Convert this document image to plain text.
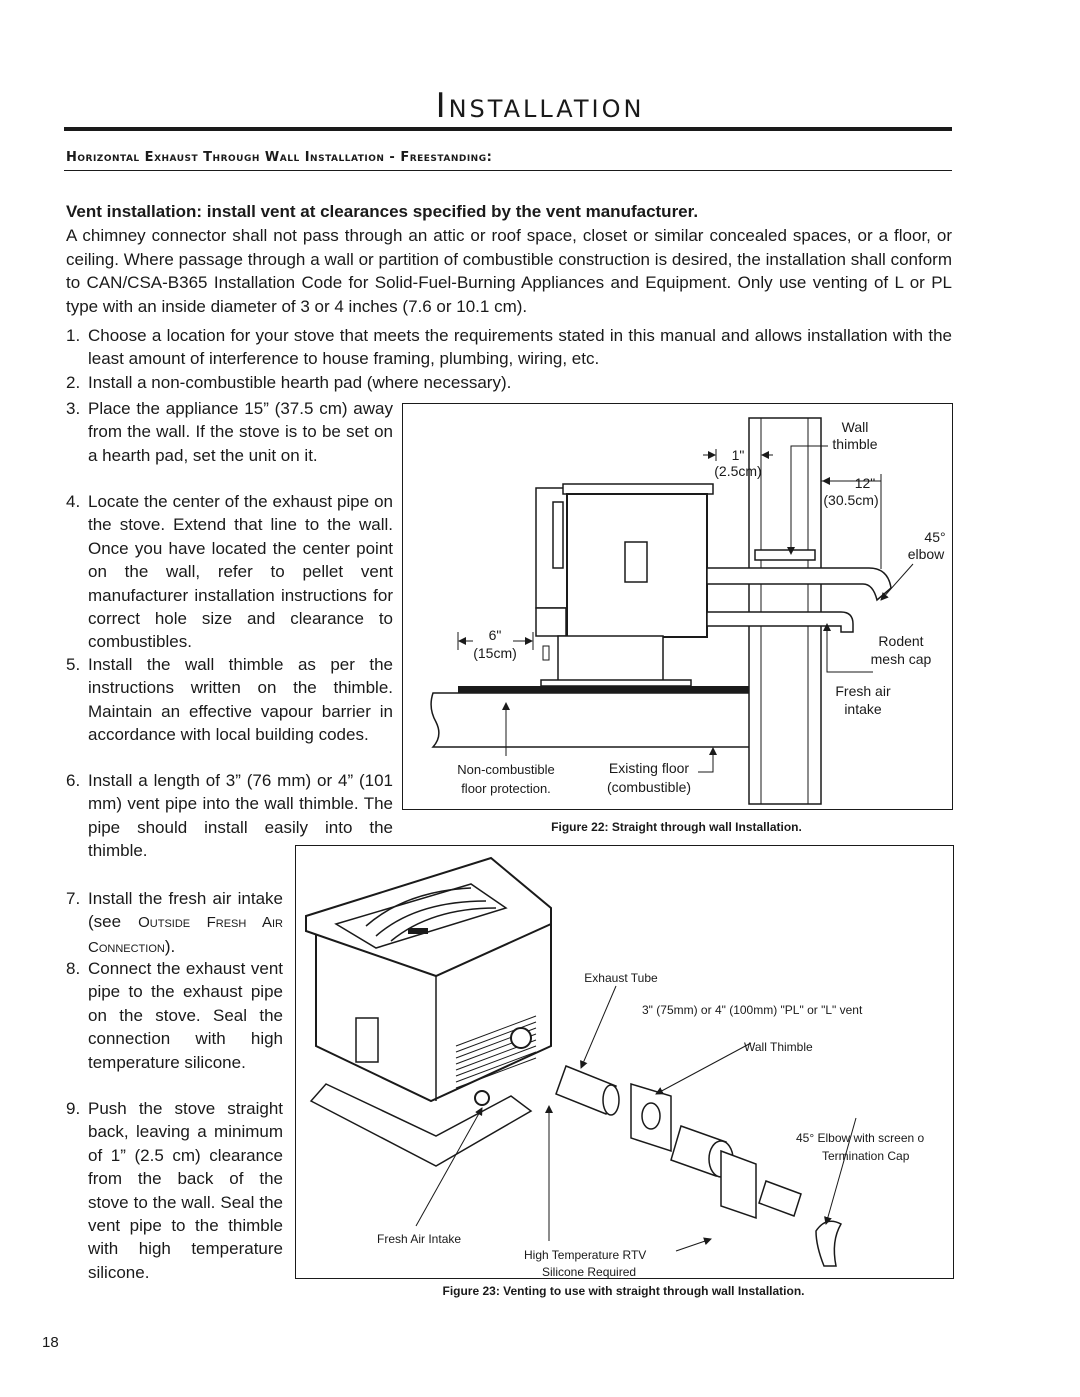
Installation
Horizontal Exhaust Through Wall Installation - Freestanding:
Vent installation: install vent at clearances specified by the vent manufacturer.
A chimney connector shall not pass through an attic or roof space, closet or similar concealed spaces, or a floor, or ceiling. Where passage through a wall or partition of combustible construction is desired, the installation shall conform to CAN/CSA-B365 Installation Code for Solid-Fuel-Burning Appliances and Equipment. Only use venting of L or PL type with an inside diameter of 3 or 4 inches (7.6 or 10.1 cm).
1. Choose a location for your stove that meets the requirements stated in this manual and allows installation with the least amount of interference to house framing, plumbing, wiring, etc.
2. Install a non-combustible hearth pad (where necessary).
3. Place the appliance 15” (37.5 cm) away from the wall. If the stove is to be set on a hearth pad, set the unit on it.
4. Locate the center of the exhaust pipe on the stove. Extend that line to the wall. Once you have located the center point on the wall, refer to pellet vent manufacturer installation instructions for correct hole size and clearance to combustibles.
5. Install the wall thimble as per the instructions written on the thimble. Maintain an effective vapour barrier in accordance with local building codes.
6. Install a length of 3” (76 mm) or 4” (101 mm) vent pipe into the wall thimble. The pipe should install easily into the thimble.
7. Install the fresh air intake (see Outside Fresh Air Connection).
8. Connect the exhaust vent pipe to the exhaust pipe on the stove. Seal the connection with high temperature silicone.
9. Push the stove straight back, leaving a minimum of 1” (2.5 cm) clearance from the back of the stove to the wall. Seal the vent pipe to the thimble with high temperature silicone.
Wall
thimble
1"
(2.5cm)
12"
(30.5cm)
45°
elbow
Rodent
mesh cap
Fresh air
intake
6"
(15cm)
Non-combustible
floor protection.
Existing floor
(combustible)
Figure 22: Straight through wall Installation.
Exhaust Tube
3" (75mm) or 4" (100mm) "PL" or "L" vent
Wall Thimble
45° Elbow with screen o
Termination Cap
Fresh Air Intake
High Temperature RTV
Silicone Required
Figure 23: Venting to use with straight through wall Installation.
18
